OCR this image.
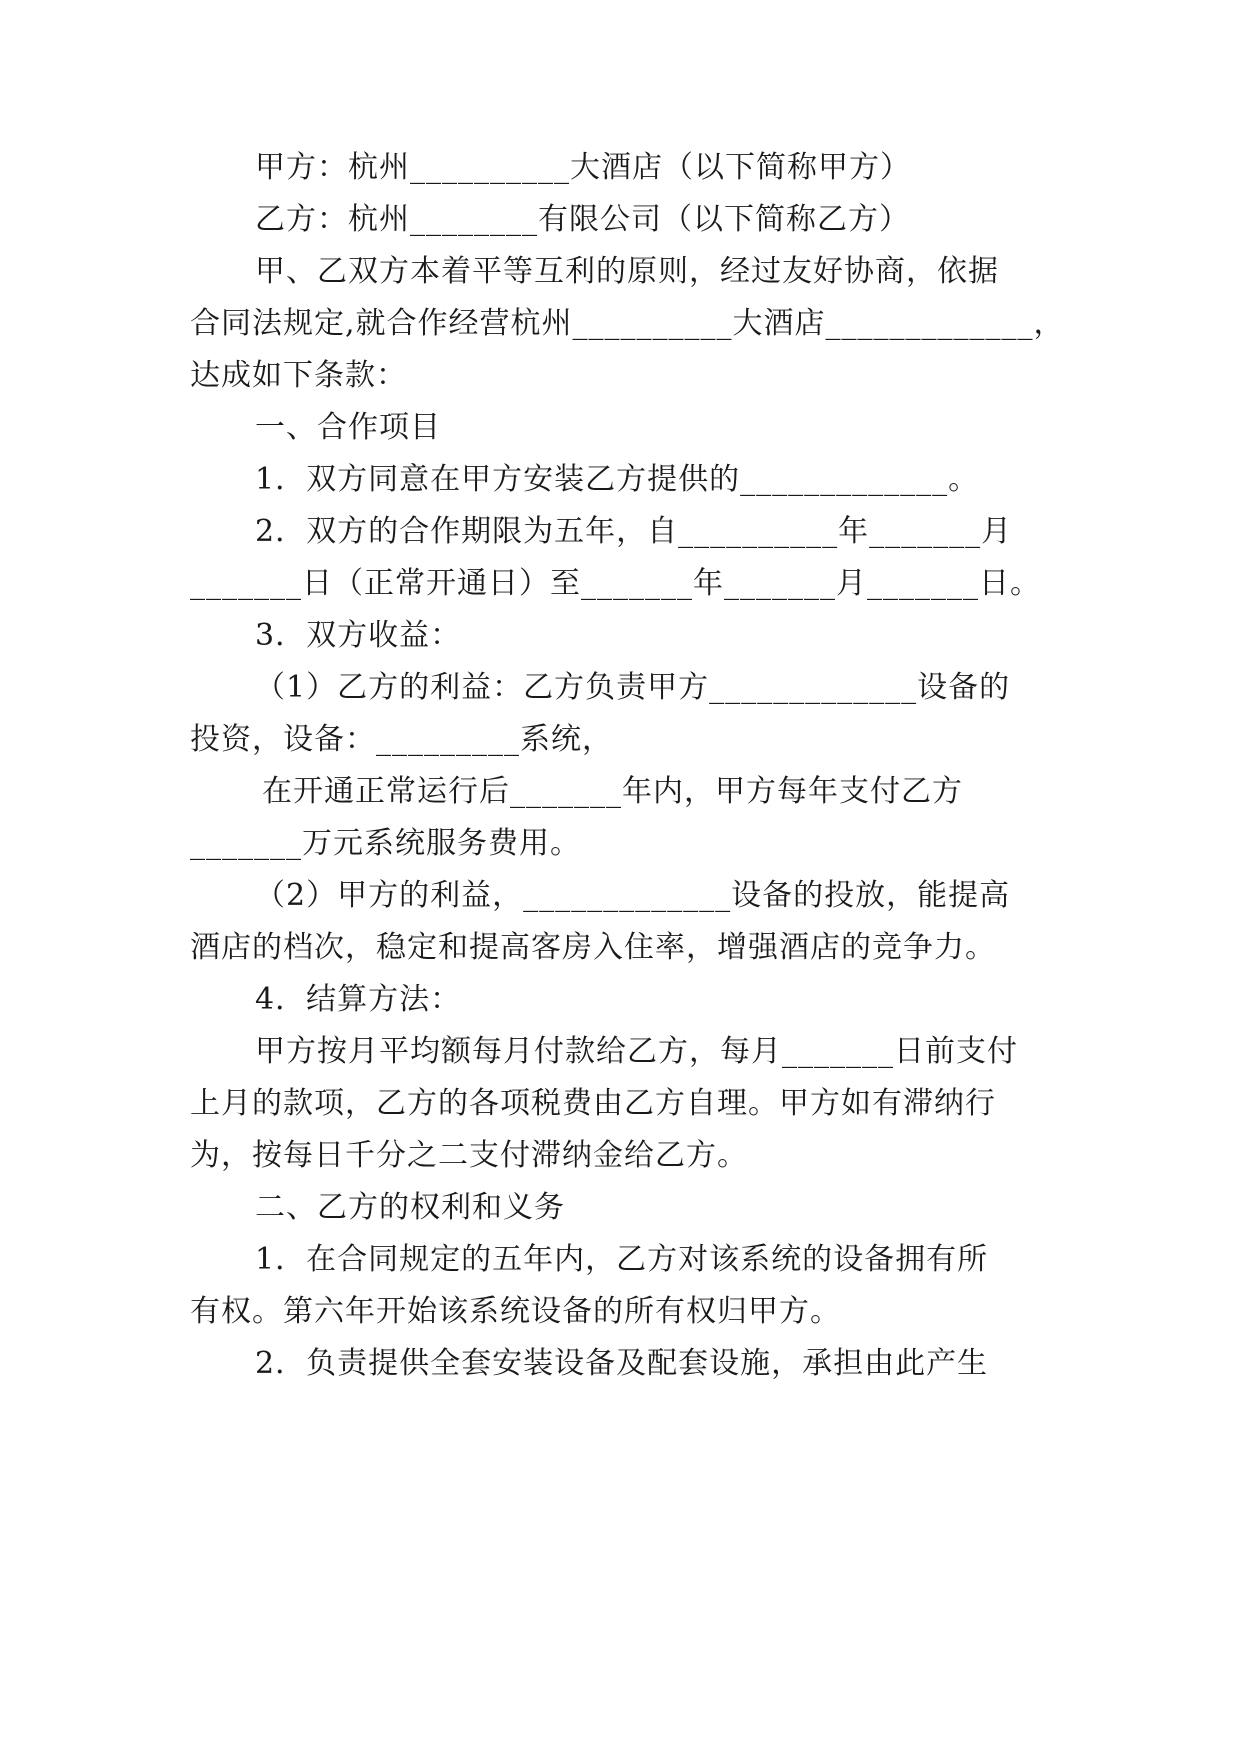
甲方：杭州__________大酒店（以下简称甲方）
乙方：杭州________有限公司（以下简称乙方）
甲、乙双方本着平等互利的原则，经过友好协商，依据
合同法规定,就合作经营杭州__________大酒店_____________，
达成如下条款：
一、合作项目
1．双方同意在甲方安装乙方提供的_____________。
2．双方的合作期限为五年，自__________年_______月
_______日（正常开通日）至_______年_______月_______日。
3．双方收益：
（1）乙方的利益：乙方负责甲方_____________设备的
投资，设备：_________系统，
在开通正常运行后_______年内，甲方每年支付乙方
_______万元系统服务费用。
（2）甲方的利益，_____________设备的投放，能提高
酒店的档次，稳定和提高客房入住率，增强酒店的竞争力。
4．结算方法：
甲方按月平均额每月付款给乙方，每月_______日前支付
上月的款项，乙方的各项税费由乙方自理。甲方如有滞纳行
为，按每日千分之二支付滞纳金给乙方。
二、乙方的权利和义务
1．在合同规定的五年内，乙方对该系统的设备拥有所
有权。第六年开始该系统设备的所有权归甲方。
2．负责提供全套安装设备及配套设施，承担由此产生
